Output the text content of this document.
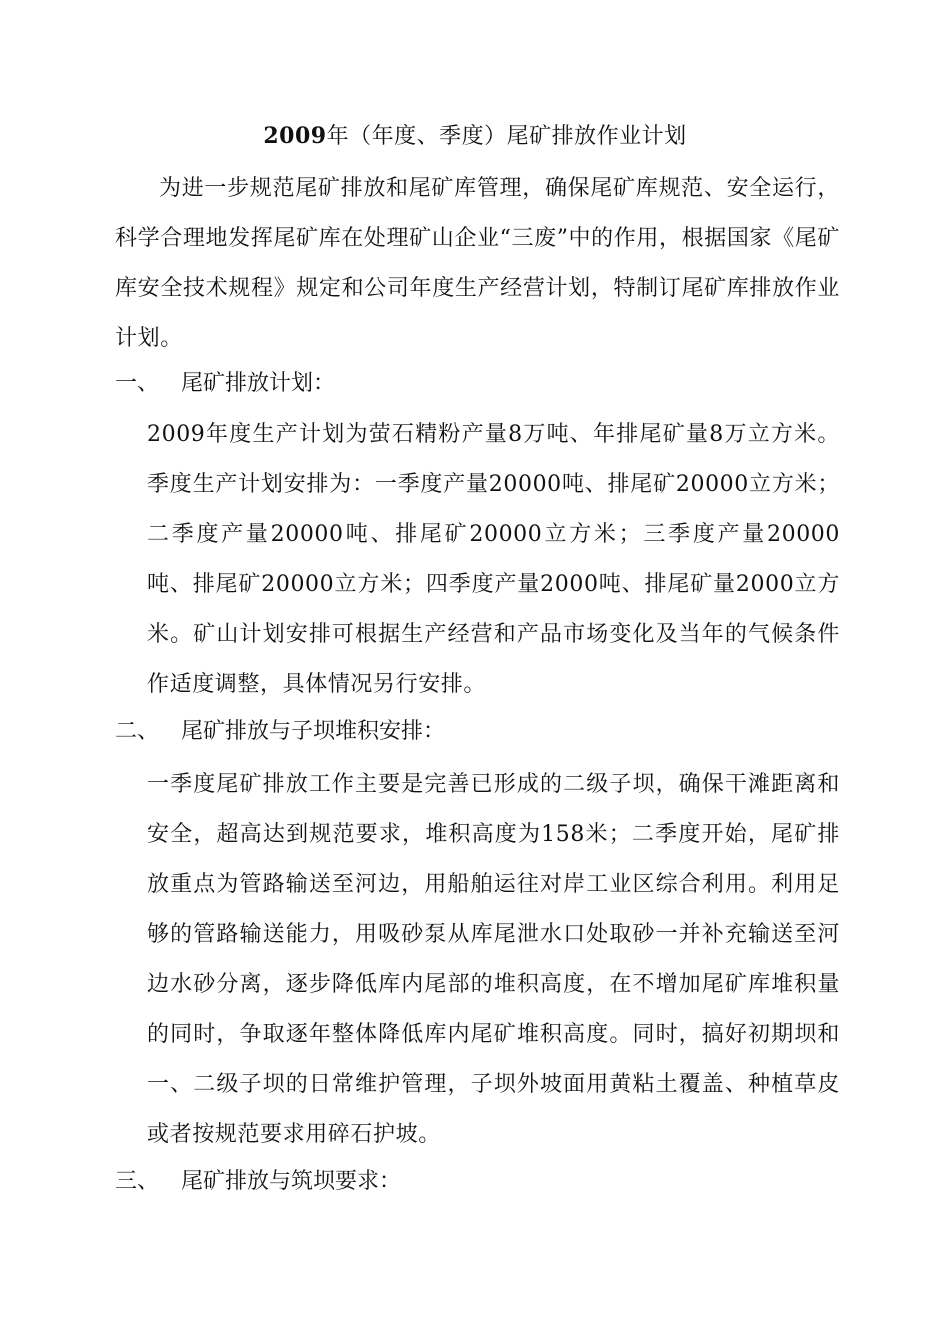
2009年（年度、季度）尾矿排放作业计划

为进一步规范尾矿排放和尾矿库管理，确保尾矿库规范、安全运行，科学合理地发挥尾矿库在处理矿山企业“三废”中的作用，根据国家《尾矿库安全技术规程》规定和公司年度生产经营计划，特制订尾矿库排放作业计划。

一、 尾矿排放计划：

2009年度生产计划为萤石精粉产量8万吨、年排尾矿量8万立方米。季度生产计划安排为：一季度产量20000吨、排尾矿20000立方米；二季度产量20000吨、排尾矿20000立方米；三季度产量20000吨、排尾矿20000立方米；四季度产量2000吨、排尾矿量2000立方米。矿山计划安排可根据生产经营和产品市场变化及当年的气候条件作适度调整，具体情况另行安排。

二、 尾矿排放与子坝堆积安排：

一季度尾矿排放工作主要是完善已形成的二级子坝，确保干滩距离和安全，超高达到规范要求，堆积高度为158米；二季度开始，尾矿排放重点为管路输送至河边，用船舶运往对岸工业区综合利用。利用足够的管路输送能力，用吸砂泵从库尾泄水口处取砂一并补充输送至河边水砂分离，逐步降低库内尾部的堆积高度，在不增加尾矿库堆积量的同时，争取逐年整体降低库内尾矿堆积高度。同时，搞好初期坝和一、二级子坝的日常维护管理，子坝外坡面用黄粘土覆盖、种植草皮或者按规范要求用碎石护坡。

三、 尾矿排放与筑坝要求：
